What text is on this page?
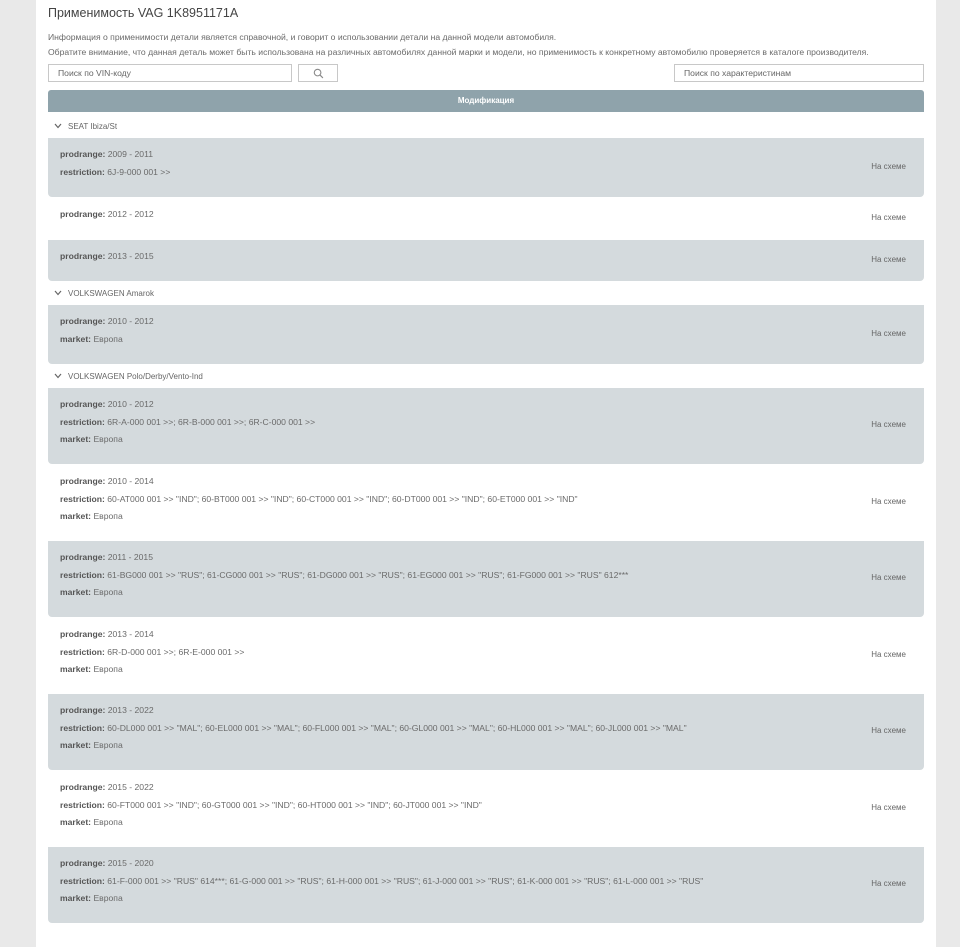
Применимость VAG 1K8951171A
Информация о применимости детали является справочной, и говорит о использовании детали на данной модели автомобиля.
Обратите внимание, что данная деталь может быть использована на различных автомобилях данной марки и модели, но применимость к конкретному автомобилю проверяется в каталоге производителя.
Поиск по VIN-коду
Поиск по характеристинам
Модификация
SEAT Ibiza/St
prodrange: 2009 - 2011
restriction: 6J-9-000 001 >>
На схеме
prodrange: 2012 - 2012	На схеме
prodrange: 2013 - 2015	На схеме
VOLKSWAGEN Amarok
prodrange: 2010 - 2012
market: Европа
На схеме
VOLKSWAGEN Polo/Derby/Vento-Ind
prodrange: 2010 - 2012
restriction: 6R-A-000 001 >>; 6R-B-000 001 >>; 6R-C-000 001 >>
market: Европа
На схеме
prodrange: 2010 - 2014
restriction: 60-AT000 001 >> "IND"; 60-BT000 001 >> "IND"; 60-CT000 001 >> "IND"; 60-DT000 001 >> "IND"; 60-ET000 001 >> "IND"
market: Европа
На схеме
prodrange: 2011 - 2015
restriction: 61-BG000 001 >> "RUS"; 61-CG000 001 >> "RUS"; 61-DG000 001 >> "RUS"; 61-EG000 001 >> "RUS"; 61-FG000 001 >> "RUS" 612***
market: Европа
На схеме
prodrange: 2013 - 2014
restriction: 6R-D-000 001 >>; 6R-E-000 001 >>
market: Европа
На схеме
prodrange: 2013 - 2022
restriction: 60-DL000 001 >> "MAL"; 60-EL000 001 >> "MAL"; 60-FL000 001 >> "MAL"; 60-GL000 001 >> "MAL"; 60-HL000 001 >> "MAL"; 60-JL000 001 >> "MAL"
market: Европа
На схеме
prodrange: 2015 - 2022
restriction: 60-FT000 001 >> "IND"; 60-GT000 001 >> "IND"; 60-HT000 001 >> "IND"; 60-JT000 001 >> "IND"
market: Европа
На схеме
prodrange: 2015 - 2020
restriction: 61-F-000 001 >> "RUS" 614***; 61-G-000 001 >> "RUS"; 61-H-000 001 >> "RUS"; 61-J-000 001 >> "RUS"; 61-K-000 001 >> "RUS"; 61-L-000 001 >> "RUS"
market: Европа
На схеме
